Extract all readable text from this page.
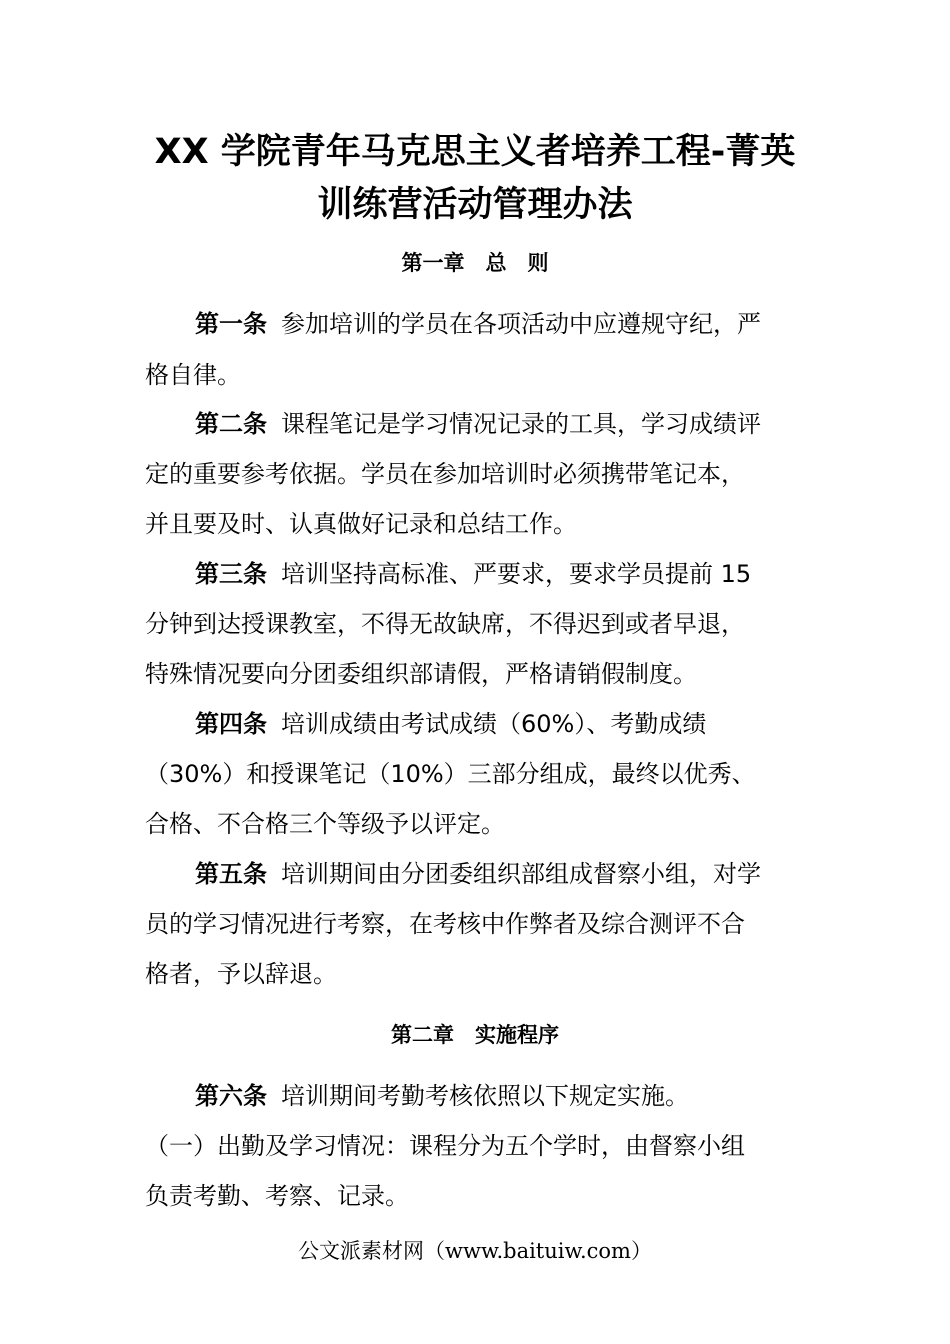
XX 学院青年马克思主义者培养工程-菁英
训练营活动管理办法
第一章　总　则
第一条 参加培训的学员在各项活动中应遵规守纪，严
格自律。
第二条 课程笔记是学习情况记录的工具，学习成绩评
定的重要参考依据。学员在参加培训时必须携带笔记本，
并且要及时、认真做好记录和总结工作。
第三条 培训坚持高标准、严要求，要求学员提前 15
分钟到达授课教室，不得无故缺席，不得迟到或者早退，
特殊情况要向分团委组织部请假，严格请销假制度。
第四条 培训成绩由考试成绩（60%）、考勤成绩
（30%）和授课笔记（10%）三部分组成，最终以优秀、
合格、不合格三个等级予以评定。
第五条 培训期间由分团委组织部组成督察小组，对学
员的学习情况进行考察，在考核中作弊者及综合测评不合
格者，予以辞退。
第二章　实施程序
第六条 培训期间考勤考核依照以下规定实施。
（一）出勤及学习情况：课程分为五个学时，由督察小组
负责考勤、考察、记录。
公文派素材网（www.baituiw.com）
